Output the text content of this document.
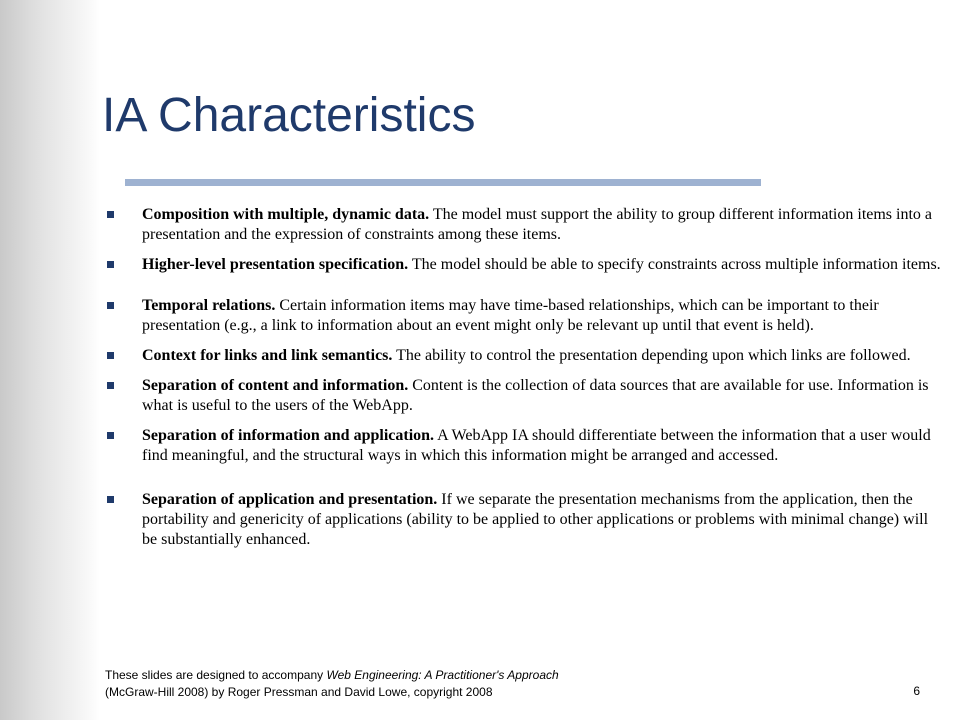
IA Characteristics
Composition with multiple, dynamic data. The model must support the ability to group different information items into a presentation and the expression of constraints among these items.
Higher-level presentation specification. The model should be able to specify constraints across multiple information items.
Temporal relations. Certain information items may have time-based relationships, which can be important to their presentation (e.g., a link to information about an event might only be relevant up until that event is held).
Context for links and link semantics. The ability to control the presentation depending upon which links are followed.
Separation of content and information. Content is the collection of data sources that are available for use. Information is what is useful to the users of the WebApp.
Separation of information and application. A WebApp IA should differentiate between the information that a user would find meaningful, and the structural ways in which this information might be arranged and accessed.
Separation of application and presentation. If we separate the presentation mechanisms from the application, then the portability and genericity of applications (ability to be applied to other applications or problems with minimal change) will be substantially enhanced.
These slides are designed to accompany Web Engineering: A Practitioner's Approach
(McGraw-Hill 2008) by Roger Pressman and David Lowe, copyright 2008	6
